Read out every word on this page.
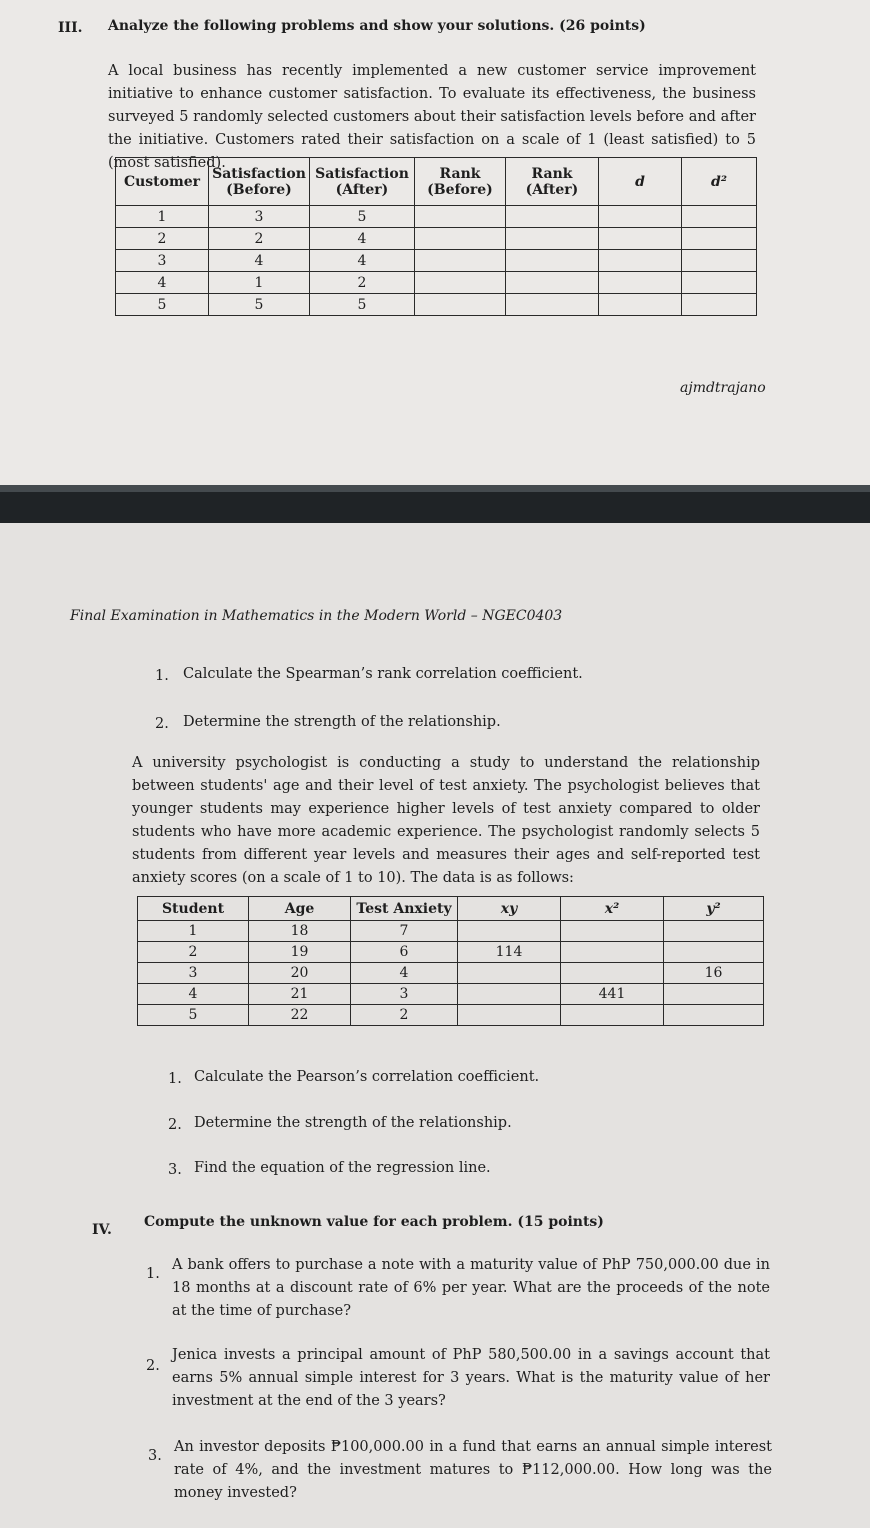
III. Analyze the following problems and show your solutions. (26 points)

A local business has recently implemented a new customer service improvement initiative to enhance customer satisfaction. To evaluate its effectiveness, the business surveyed 5 randomly selected customers about their satisfaction levels before and after the initiative. Customers rated their satisfaction on a scale of 1 (least satisfied) to 5 (most satisfied).

Customer	Satisfaction (Before)	Satisfaction (After)	Rank (Before)	Rank (After)	d	d²
1	3	5				
2	2	4				
3	4	4				
4	1	2				
5	5	5				
ajmdtrajano
Final Examination in Mathematics in the Modern World – NGEC0403
1. Calculate the Spearman’s rank correlation coefficient.
2. Determine the strength of the relationship.

A university psychologist is conducting a study to understand the relationship between students' age and their level of test anxiety. The psychologist believes that younger students may experience higher levels of test anxiety compared to older students who have more academic experience. The psychologist randomly selects 5 students from different year levels and measures their ages and self-reported test anxiety scores (on a scale of 1 to 10). The data is as follows:

Student	Age	Test Anxiety	xy	x²	y²
1	18	7			
2	19	6	114		
3	20	4			16
4	21	3		441	
5	22	2			
1. Calculate the Pearson’s correlation coefficient.
2. Determine the strength of the relationship.
3. Find the equation of the regression line.
IV. Compute the unknown value for each problem. (15 points)
1.

A bank offers to purchase a note with a maturity value of PhP 750,000.00 due in 18 months at a discount rate of 6% per year. What are the proceeds of the note at the time of purchase?

2.

Jenica invests a principal amount of PhP 580,500.00 in a savings account that earns 5% annual simple interest for 3 years. What is the maturity value of her investment at the end of the 3 years?

3.

An investor deposits ₱100,000.00 in a fund that earns an annual simple interest rate of 4%, and the investment matures to ₱112,000.00. How long was the money invested?
